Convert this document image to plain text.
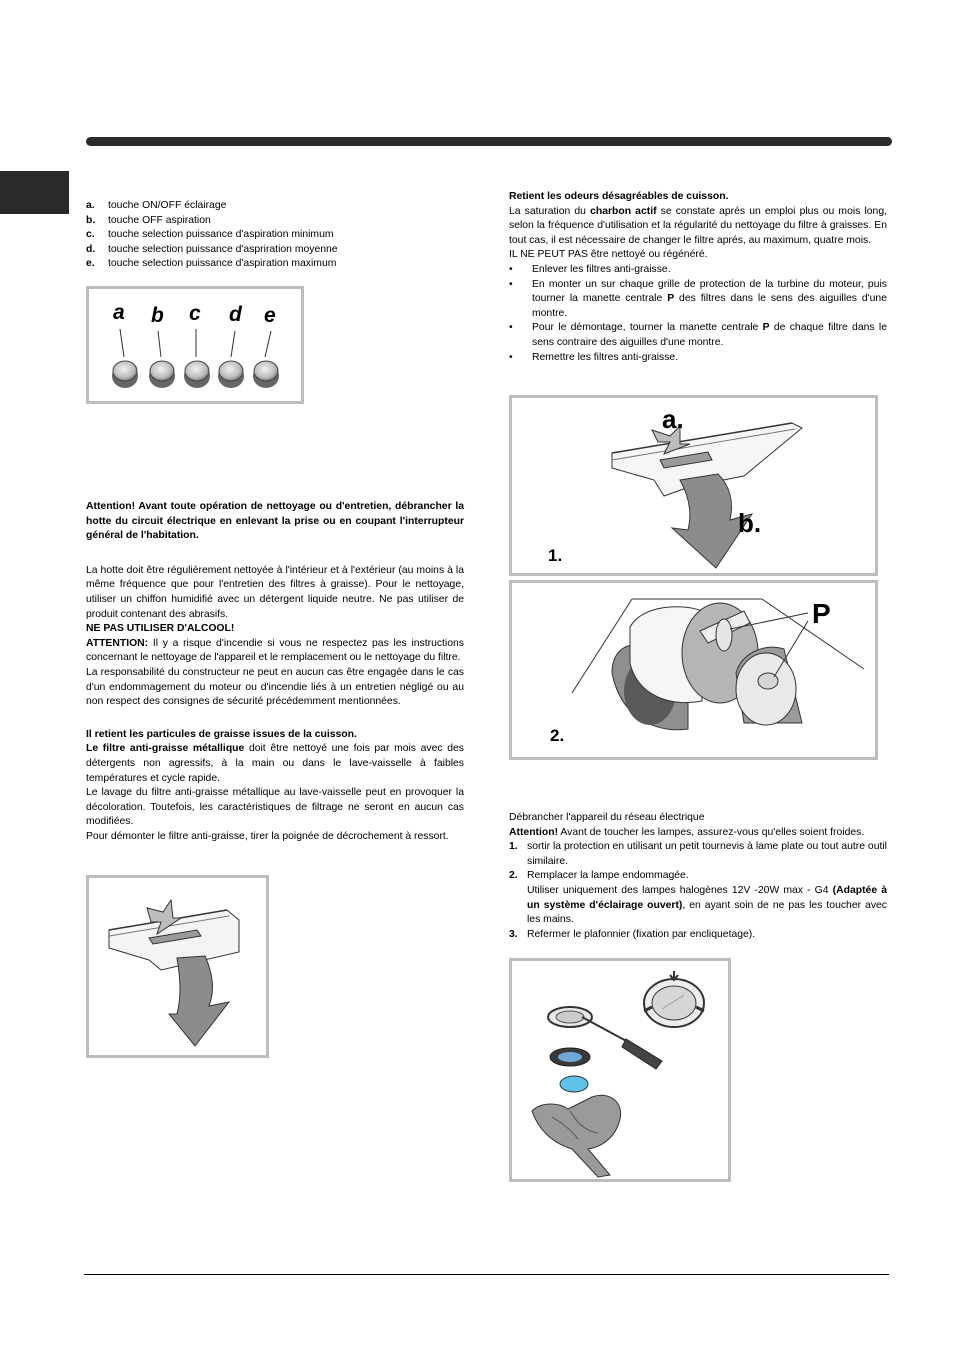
a.	touche ON/OFF éclairage
b.	touche OFF aspiration
c.	touche selection puissance d'aspiration minimum
d.	touche selection puissance d'aspriration moyenne
e.	touche selection puissance d'aspiration maximum
a b c d e

Attention! Avant toute opération de nettoyage ou d'entretien, débrancher la hotte du circuit électrique en enlevant la prise ou en coupant l'interrupteur général de l'habitation.

La hotte doit être régulièrement nettoyée à l'intérieur et à l'extérieur (au moins à la même fréquence que pour l'entretien des filtres à graisse). Pour le nettoyage, utiliser un chiffon humidifié avec un détergent liquide neutre. Ne pas utiliser de produit contenant des abrasifs.

NE PAS UTILISER D'ALCOOL!

ATTENTION: Il y a risque d'incendie si vous ne respectez pas les instructions concernant le nettoyage de l'appareil et le remplacement ou le nettoyage du filtre.

La responsabilité du constructeur ne peut en aucun cas être engagée dans le cas d'un endommagement du moteur ou d'incendie liés à un entretien négligé ou au non respect des consignes de sécurité précédemment mentionnées.

Il retient les particules de graisse issues de la cuisson.

Le filtre anti-graisse métallique doit être nettoyé une fois par mois avec des détergents non agressifs, à la main ou dans le lave-vaisselle à faibles températures et cycle rapide.

Le lavage du filtre anti-graisse métallique au lave-vaisselle peut en provoquer la décoloration. Toutefois, les caractéristiques de filtrage ne seront en aucun cas modifiées.

Pour démonter le filtre anti-graisse, tirer la poignée de décrochement à ressort.

Retient les odeurs désagréables de cuisson.

La saturation du charbon actif se constate aprés un emploi plus ou mois long, selon la fréquence d'utilisation et la régularité du nettoyage du filtre à graisses. En tout cas, il est nécessaire de changer le filtre aprés, au maximum, quatre mois.

IL NE PEUT PAS être nettoyé ou régénéré.

•	Enlever les filtres anti-graisse.
•	En monter un sur chaque grille de protection de la turbine du moteur, puis tourner la manette centrale P des filtres dans le sens des aiguilles d'une montre.
•	Pour le démontage, tourner la manette centrale P de chaque filtre dans le sens contraire des aiguilles d'une montre.
•	Remettre les filtres anti-graisse.
a.
b.
1.
P
2.

Débrancher l'appareil du réseau électrique

Attention! Avant de toucher les lampes, assurez-vous qu'elles soient froides.

1. sortir la protection en utilisant un petit tournevis à lame plate ou tout autre outil similaire.
2. Remplacer la lampe endommagée.
Utiliser uniquement des lampes halogènes 12V -20W max - G4 (Adaptée à un système d'éclairage ouvert), en ayant soin de ne pas les toucher avec les mains.
3. Refermer le plafonnier (fixation par encliquetage).
